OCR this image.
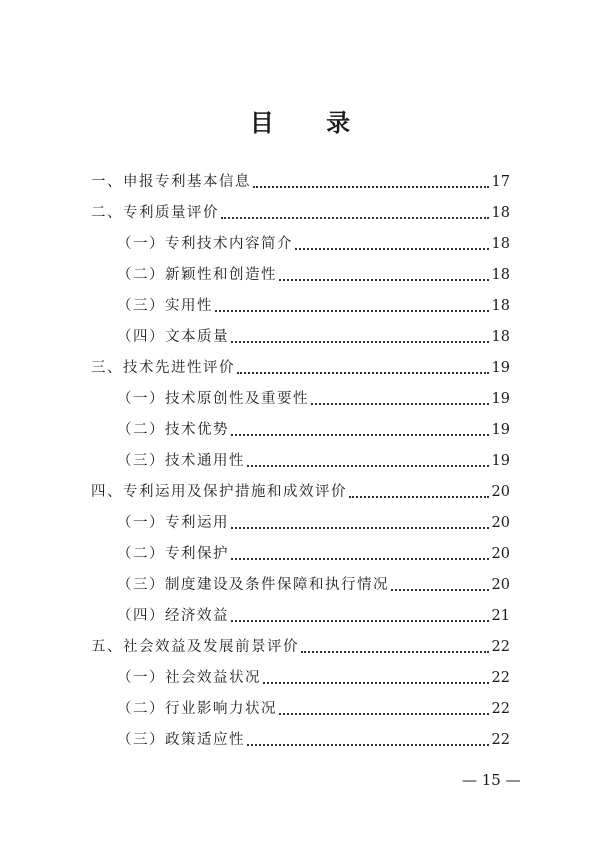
目 录
一、申报专利基本信息	17
二、专利质量评价	18
（一）专利技术内容简介	18
（二）新颖性和创造性	18
（三）实用性	18
（四）文本质量	18
三、技术先进性评价	19
（一）技术原创性及重要性	19
（二）技术优势	19
（三）技术通用性	19
四、专利运用及保护措施和成效评价	20
（一）专利运用	20
（二）专利保护	20
（三）制度建设及条件保障和执行情况	20
（四）经济效益	21
五、社会效益及发展前景评价	22
（一）社会效益状况	22
（二）行业影响力状况	22
（三）政策适应性	22
— 15 —
